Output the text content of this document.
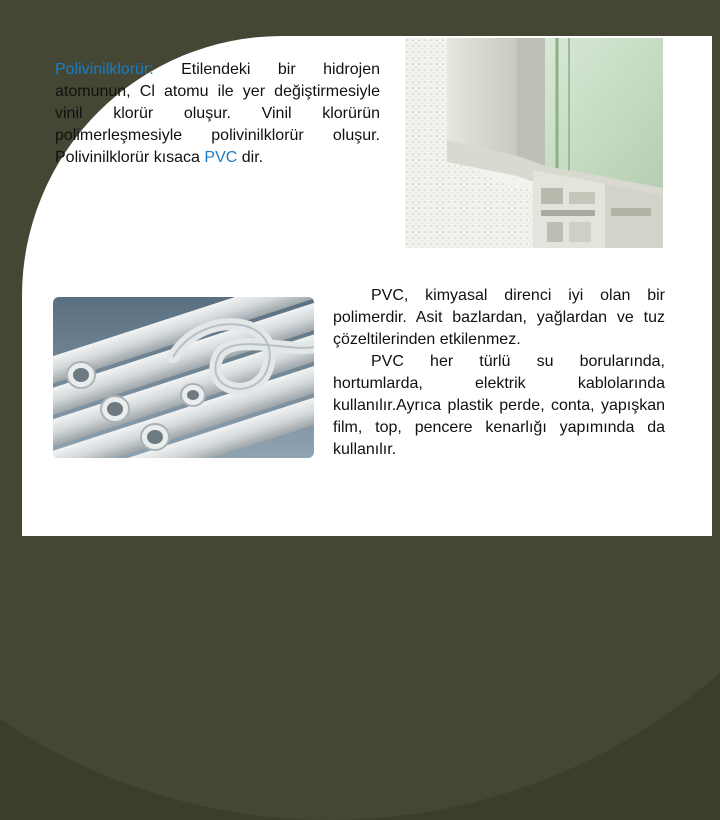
Polivinilklorür: Etilendeki bir hidrojen atomunun, Cl atomu ile yer değiştirmesiyle vinil klorür oluşur. Vinil klorürün polimerleşmesiyle polivinilklorür oluşur. Polivinilklorür kısaca PVC dir.

PVC, kimyasal direnci iyi olan bir polimerdir. Asit bazlardan, yağlardan ve tuz çözeltilerinden etkilenmez.

PVC her türlü su borularında, hortumlarda, elektrik kablolarında kullanılır.Ayrıca plastik perde, conta, yapışkan film, top, pencere kenarlığı yapımında da kullanılır.
